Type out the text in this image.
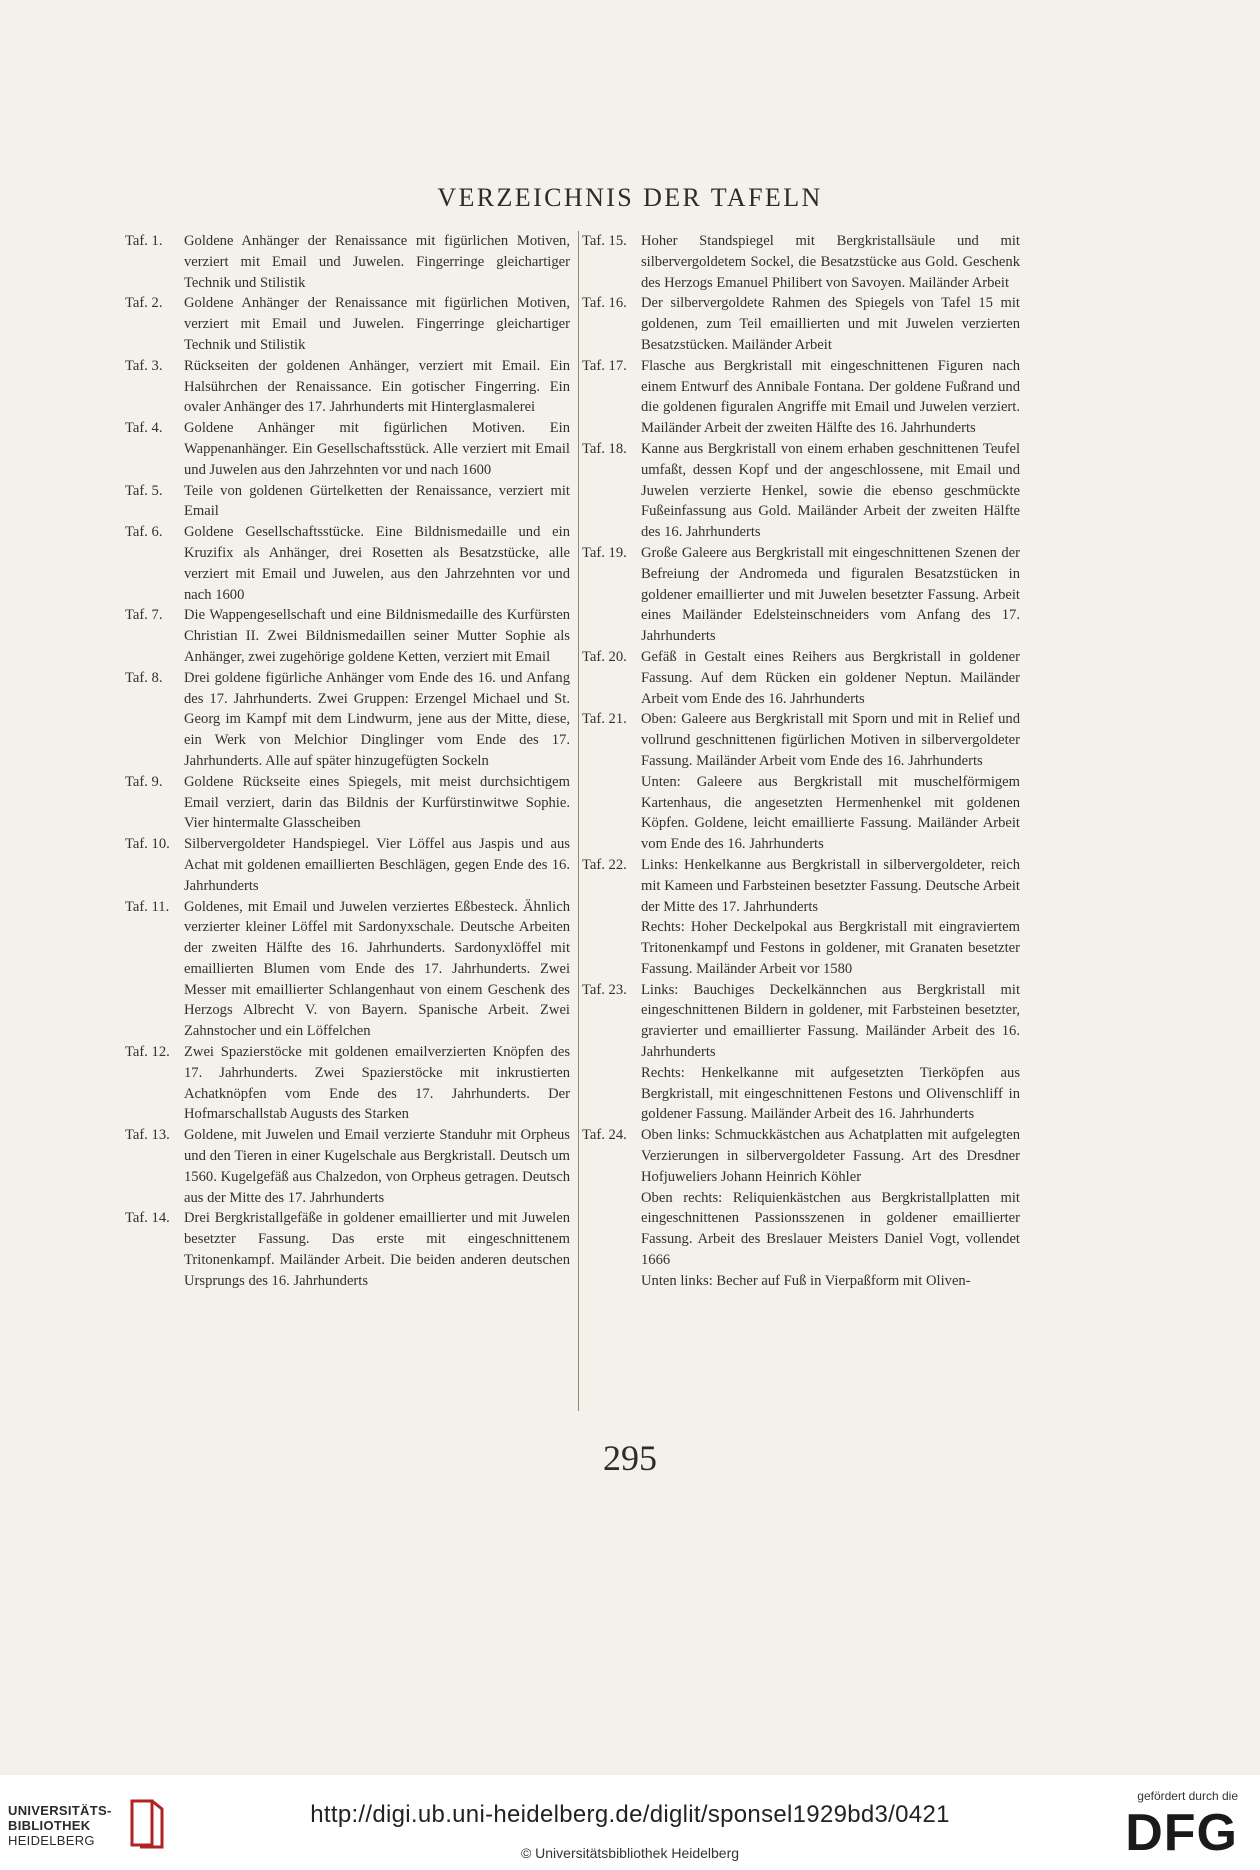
VERZEICHNIS DER TAFELN
Taf. 1.	Goldene Anhänger der Renaissance mit figürlichen Motiven, verziert mit Email und Juwelen. Fingerringe gleichartiger Technik und Stilistik
Taf. 2.	Goldene Anhänger der Renaissance mit figürlichen Motiven, verziert mit Email und Juwelen. Fingerringe gleichartiger Technik und Stilistik
Taf. 3.	Rückseiten der goldenen Anhänger, verziert mit Email. Ein Halsührchen der Renaissance. Ein gotischer Fingerring. Ein ovaler Anhänger des 17. Jahrhunderts mit Hinterglasmalerei
Taf. 4.	Goldene Anhänger mit figürlichen Motiven. Ein Wappenanhänger. Ein Gesellschaftsstück. Alle verziert mit Email und Juwelen aus den Jahrzehnten vor und nach 1600
Taf. 5.	Teile von goldenen Gürtelketten der Renaissance, verziert mit Email
Taf. 6.	Goldene Gesellschaftsstücke. Eine Bildnismedaille und ein Kruzifix als Anhänger, drei Rosetten als Besatzstücke, alle verziert mit Email und Juwelen, aus den Jahrzehnten vor und nach 1600
Taf. 7.	Die Wappengesellschaft und eine Bildnismedaille des Kurfürsten Christian II. Zwei Bildnismedaillen seiner Mutter Sophie als Anhänger, zwei zugehörige goldene Ketten, verziert mit Email
Taf. 8.	Drei goldene figürliche Anhänger vom Ende des 16. und Anfang des 17. Jahrhunderts. Zwei Gruppen: Erzengel Michael und St. Georg im Kampf mit dem Lindwurm, jene aus der Mitte, diese, ein Werk von Melchior Dinglinger vom Ende des 17. Jahrhunderts. Alle auf später hinzugefügten Sockeln
Taf. 9.	Goldene Rückseite eines Spiegels, mit meist durchsichtigem Email verziert, darin das Bildnis der Kurfürstinwitwe Sophie. Vier hintermalte Glasscheiben
Taf. 10. Silbervergoldeter Handspiegel. Vier Löffel aus Jaspis und aus Achat mit goldenen emaillierten Beschlägen, gegen Ende des 16. Jahrhunderts
Taf. 11.	Goldenes, mit Email und Juwelen verziertes Eßbesteck. Ähnlich verzierter kleiner Löffel mit Sardonyxschale. Deutsche Arbeiten der zweiten Hälfte des 16. Jahrhunderts. Sardonyxlöffel mit emaillierten Blumen vom Ende des 17. Jahrhunderts. Zwei Messer mit emaillierter Schlangenhaut von einem Geschenk des Herzogs Albrecht V. von Bayern. Spanische Arbeit. Zwei Zahnstocher und ein Löffelchen
Taf. 12. Zwei Spazierstöcke mit goldenen emailverzierten Knöpfen des 17. Jahrhunderts. Zwei Spazierstöcke mit inkrustierten Achatknöpfen vom Ende des 17. Jahrhunderts. Der Hofmarschallstab Augusts des Starken
Taf. 13. Goldene, mit Juwelen und Email verzierte Standuhr mit Orpheus und den Tieren in einer Kugelschale aus Bergkristall. Deutsch um 1560. Kugelgefäß aus Chalzedon, von Orpheus getragen. Deutsch aus der Mitte des 17. Jahrhunderts
Taf. 14. Drei Bergkristallgefäße in goldener emaillierter und mit Juwelen besetzter Fassung. Das erste mit eingeschnittenem Tritonenkampf. Mailänder Arbeit. Die beiden anderen deutschen Ursprungs des 16. Jahrhunderts
Taf. 15. Hoher Standspiegel mit Bergkristallsäule und mit silbervergoldetem Sockel, die Besatzstücke aus Gold. Geschenk des Herzogs Emanuel Philibert von Savoyen. Mailänder Arbeit
Taf. 16. Der silbervergoldete Rahmen des Spiegels von Tafel 15 mit goldenen, zum Teil emaillierten und mit Juwelen verzierten Besatzstücken. Mailänder Arbeit
Taf. 17. Flasche aus Bergkristall mit eingeschnittenen Figuren nach einem Entwurf des Annibale Fontana. Der goldene Fußrand und die goldenen figuralen Angriffe mit Email und Juwelen verziert. Mailänder Arbeit der zweiten Hälfte des 16. Jahrhunderts
Taf. 18. Kanne aus Bergkristall von einem erhaben geschnittenen Teufel umfaßt, dessen Kopf und der angeschlossene, mit Email und Juwelen verzierte Henkel, sowie die ebenso geschmückte Fußeinfassung aus Gold. Mailänder Arbeit der zweiten Hälfte des 16. Jahrhunderts
Taf. 19. Große Galeere aus Bergkristall mit eingeschnittenen Szenen der Befreiung der Andromeda und figuralen Besatzstücken in goldener emaillierter und mit Juwelen besetzter Fassung. Arbeit eines Mailänder Edelsteinschneiders vom Anfang des 17. Jahrhunderts
Taf. 20. Gefäß in Gestalt eines Reihers aus Bergkristall in goldener Fassung. Auf dem Rücken ein goldener Neptun. Mailänder Arbeit vom Ende des 16. Jahrhunderts
Taf. 21. Oben: Galeere aus Bergkristall mit Sporn und mit in Relief und vollrund geschnittenen figürlichen Motiven in silbervergoldeter Fassung. Mailänder Arbeit vom Ende des 16. Jahrhunderts
Unten: Galeere aus Bergkristall mit muschelförmigem Kartenhaus, die angesetzten Hermenhenkel mit goldenen Köpfen. Goldene, leicht emaillierte Fassung. Mailänder Arbeit vom Ende des 16. Jahrhunderts
Taf. 22. Links: Henkelkanne aus Bergkristall in silbervergoldeter, reich mit Kameen und Farbsteinen besetzter Fassung. Deutsche Arbeit der Mitte des 17. Jahrhunderts
Rechts: Hoher Deckelpokal aus Bergkristall mit eingraviertem Tritonenkampf und Festons in goldener, mit Granaten besetzter Fassung. Mailänder Arbeit vor 1580
Taf. 23. Links: Bauchiges Deckelkännchen aus Bergkristall mit eingeschnittenen Bildern in goldener, mit Farbsteinen besetzter, gravierter und emaillierter Fassung. Mailänder Arbeit des 16. Jahrhunderts
Rechts: Henkelkanne mit aufgesetzten Tierköpfen aus Bergkristall, mit eingeschnittenen Festons und Olivenschliff in goldener Fassung. Mailänder Arbeit des 16. Jahrhunderts
Taf. 24. Oben links: Schmuckkästchen aus Achatplatten mit aufgelegten Verzierungen in silbervergoldeter Fassung. Art des Dresdner Hofjuweliers Johann Heinrich Köhler
Oben rechts: Reliquienkästchen aus Bergkristallplatten mit eingeschnittenen Passionsszenen in goldener emaillierter Fassung. Arbeit des Breslauer Meisters Daniel Vogt, vollendet 1666
Unten links: Becher auf Fuß in Vierpaßform mit Oliven-
295
UNIVERSITÄTS-
BIBLIOTHEK
HEIDELBERG
http://digi.ub.uni-heidelberg.de/diglit/sponsel1929bd3/0421
© Universitätsbibliothek Heidelberg
gefördert durch die
DFG
